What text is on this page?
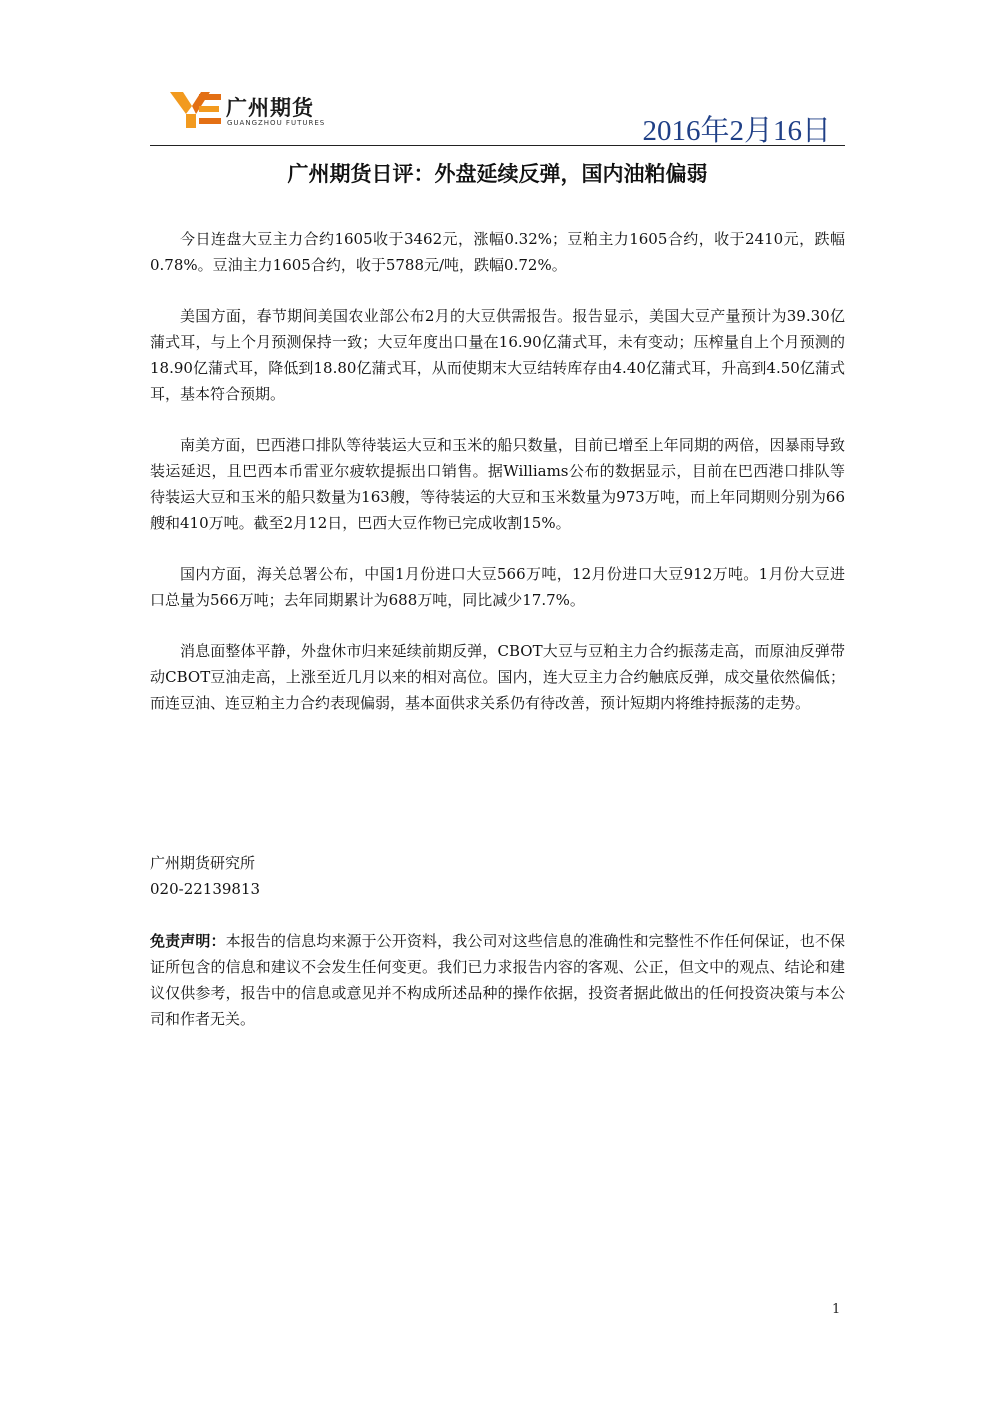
广州期货
GUANGZHOU FUTURES	2016年2月16日
广州期货日评：外盘延续反弹，国内油粕偏弱

今日连盘大豆主力合约1605收于3462元，涨幅0.32%；豆粕主力1605合约，收于2410元，跌幅0.78%。豆油主力1605合约，收于5788元/吨，跌幅0.72%。

美国方面，春节期间美国农业部公布2月的大豆供需报告。报告显示，美国大豆产量预计为39.30亿蒲式耳，与上个月预测保持一致；大豆年度出口量在16.90亿蒲式耳，未有变动；压榨量自上个月预测的18.90亿蒲式耳，降低到18.80亿蒲式耳，从而使期末大豆结转库存由4.40亿蒲式耳，升高到4.50亿蒲式耳，基本符合预期。

南美方面，巴西港口排队等待装运大豆和玉米的船只数量，目前已增至上年同期的两倍，因暴雨导致装运延迟，且巴西本币雷亚尔疲软提振出口销售。据Williams公布的数据显示，目前在巴西港口排队等待装运大豆和玉米的船只数量为163艘，等待装运的大豆和玉米数量为973万吨，而上年同期则分别为66艘和410万吨。截至2月12日，巴西大豆作物已完成收割15%。

国内方面，海关总署公布，中国1月份进口大豆566万吨，12月份进口大豆912万吨。1月份大豆进口总量为566万吨；去年同期累计为688万吨，同比减少17.7%。

消息面整体平静，外盘休市归来延续前期反弹，CBOT大豆与豆粕主力合约振荡走高，而原油反弹带动CBOT豆油走高，上涨至近几月以来的相对高位。国内，连大豆主力合约触底反弹，成交量依然偏低；而连豆油、连豆粕主力合约表现偏弱，基本面供求关系仍有待改善，预计短期内将维持振荡的走势。

广州期货研究所
020-22139813
免责声明：本报告的信息均来源于公开资料，我公司对这些信息的准确性和完整性不作任何保证，也不保证所包含的信息和建议不会发生任何变更。我们已力求报告内容的客观、公正，但文中的观点、结论和建议仅供参考，报告中的信息或意见并不构成所述品种的操作依据，投资者据此做出的任何投资决策与本公司和作者无关。
1
